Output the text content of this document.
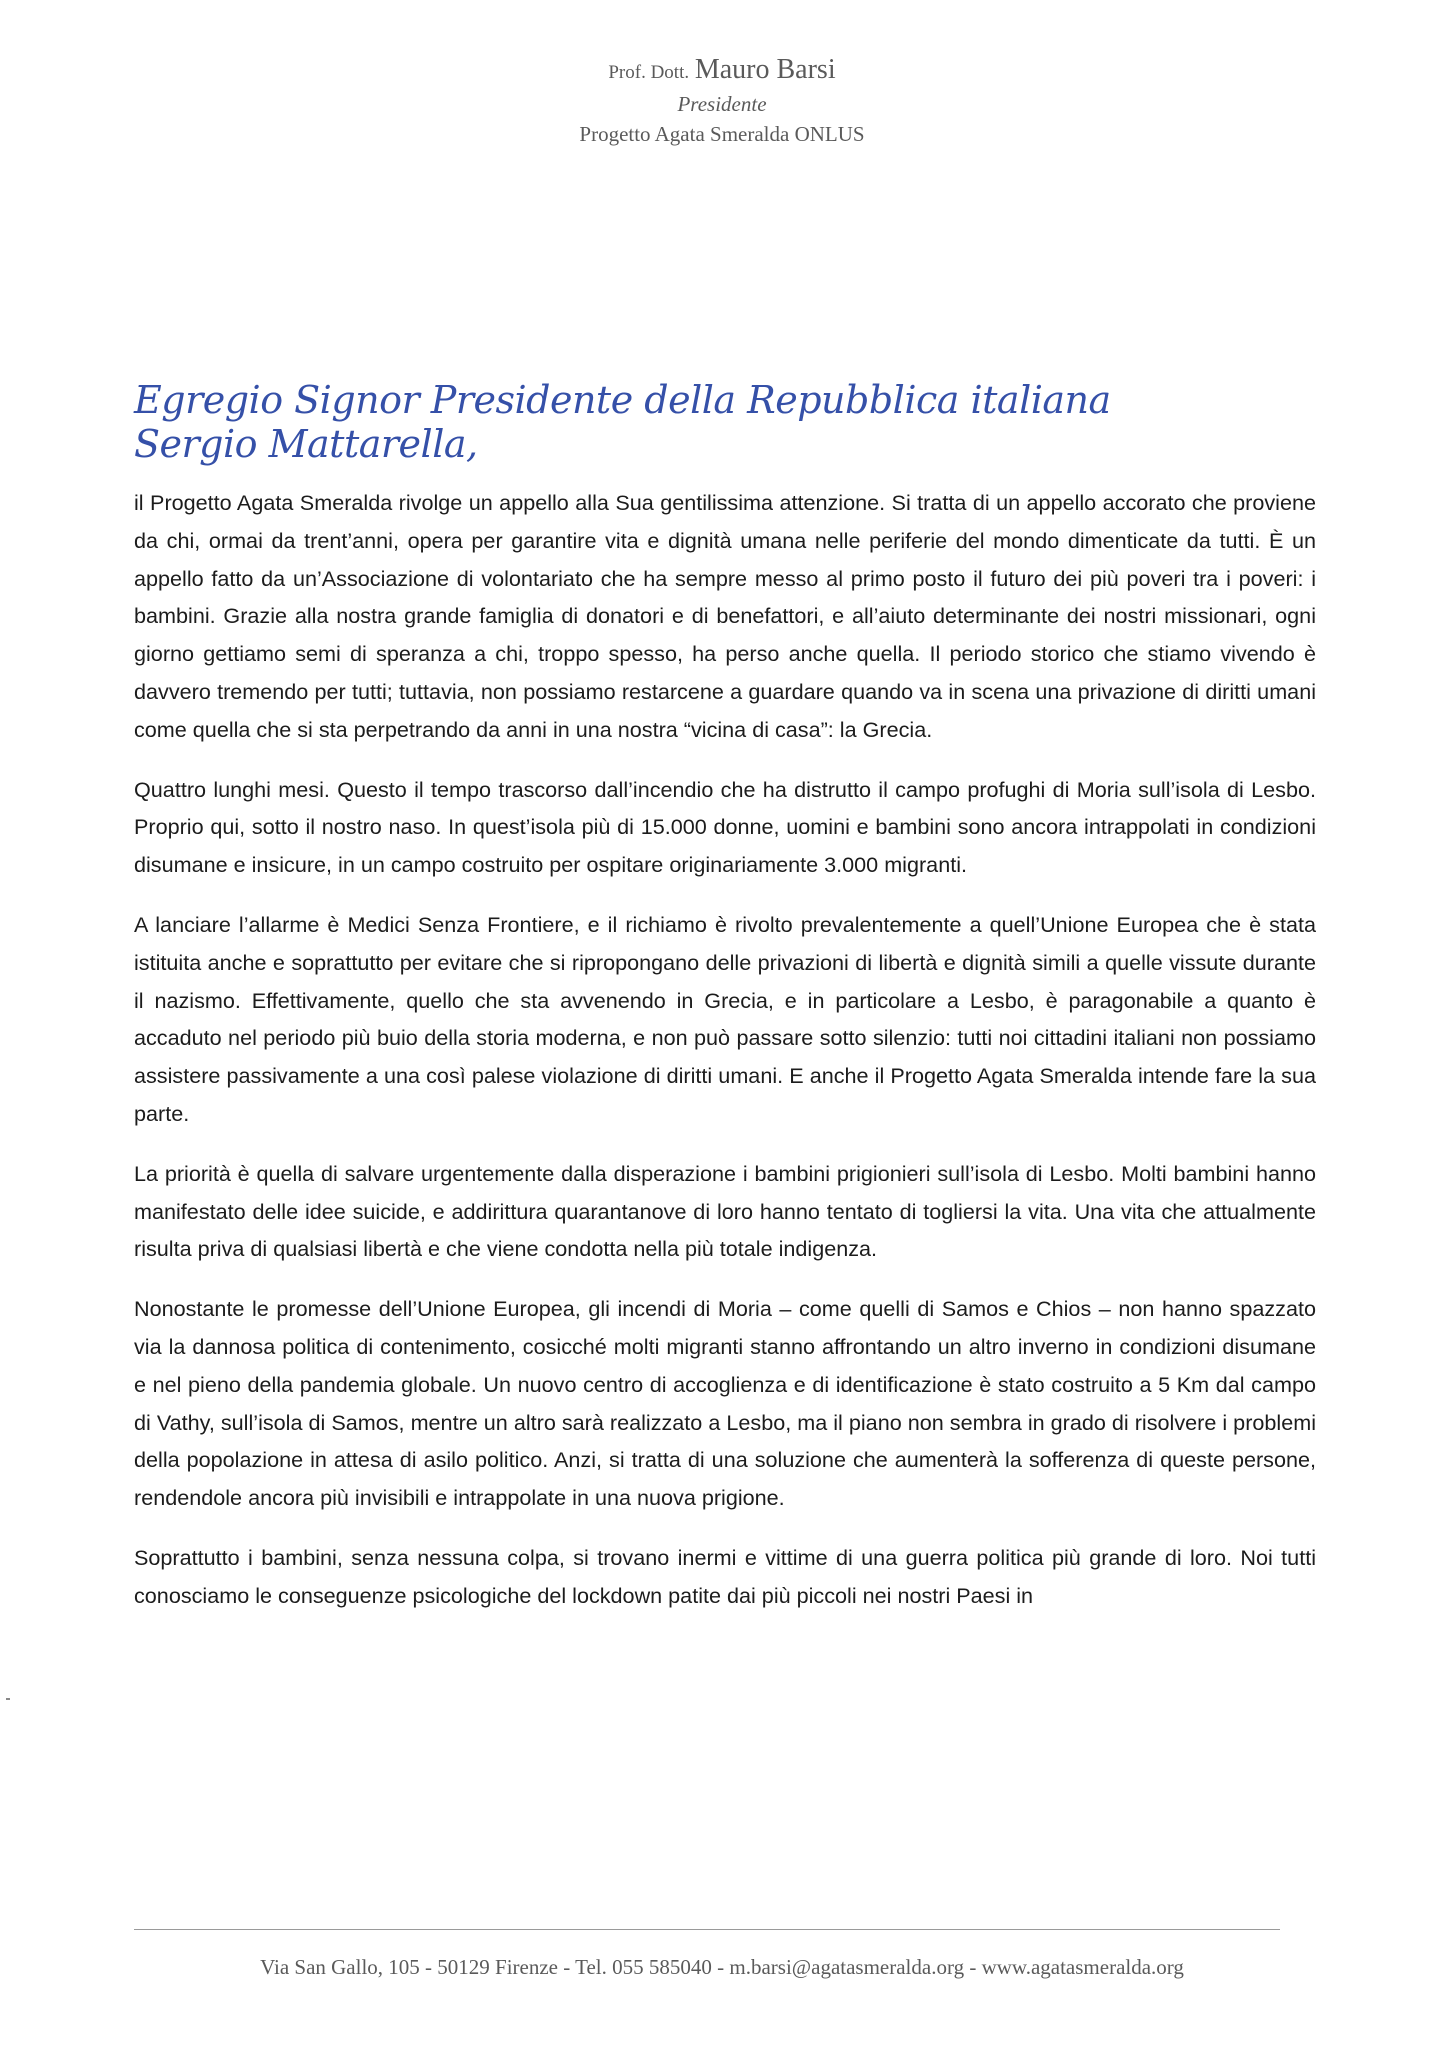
Prof. Dott. Mauro Barsi
Presidente
Progetto Agata Smeralda ONLUS
Egregio Signor Presidente della Repubblica italiana
Sergio Mattarella,

il Progetto Agata Smeralda rivolge un appello alla Sua gentilissima attenzione. Si tratta di un appello accorato che proviene da chi, ormai da trent’anni, opera per garantire vita e dignità umana nelle periferie del mondo dimenticate da tutti. È un appello fatto da un’Associazione di volontariato che ha sempre messo al primo posto il futuro dei più poveri tra i poveri: i bambini. Grazie alla nostra grande famiglia di donatori e di benefattori, e all’aiuto determinante dei nostri missionari, ogni giorno gettiamo semi di speranza a chi, troppo spesso, ha perso anche quella. Il periodo storico che stiamo vivendo è davvero tremendo per tutti; tuttavia, non possiamo restarcene a guardare quando va in scena una privazione di diritti umani come quella che si sta perpetrando da anni in una nostra “vicina di casa”: la Grecia.

Quattro lunghi mesi. Questo il tempo trascorso dall’incendio che ha distrutto il campo profughi di Moria sull’isola di Lesbo. Proprio qui, sotto il nostro naso. In quest’isola più di 15.000 donne, uomini e bambini sono ancora intrappolati in condizioni disumane e insicure, in un campo costruito per ospitare originariamente 3.000 migranti.

A lanciare l’allarme è Medici Senza Frontiere, e il richiamo è rivolto prevalentemente a quell’Unione Europea che è stata istituita anche e soprattutto per evitare che si ripropongano delle privazioni di libertà e dignità simili a quelle vissute durante il nazismo. Effettivamente, quello che sta avvenendo in Grecia, e in particolare a Lesbo, è paragonabile a quanto è accaduto nel periodo più buio della storia moderna, e non può passare sotto silenzio: tutti noi cittadini italiani non possiamo assistere passivamente a una così palese violazione di diritti umani. E anche il Progetto Agata Smeralda intende fare la sua parte.

La priorità è quella di salvare urgentemente dalla disperazione i bambini prigionieri sull’isola di Lesbo. Molti bambini hanno manifestato delle idee suicide, e addirittura quarantanove di loro hanno tentato di togliersi la vita. Una vita che attualmente risulta priva di qualsiasi libertà e che viene condotta nella più totale indigenza.

Nonostante le promesse dell’Unione Europea, gli incendi di Moria – come quelli di Samos e Chios – non hanno spazzato via la dannosa politica di contenimento, cosicché molti migranti stanno affrontando un altro inverno in condizioni disumane e nel pieno della pandemia globale. Un nuovo centro di accoglienza e di identificazione è stato costruito a 5 Km dal campo di Vathy, sull’isola di Samos, mentre un altro sarà realizzato a Lesbo, ma il piano non sembra in grado di risolvere i problemi della popolazione in attesa di asilo politico. Anzi, si tratta di una soluzione che aumenterà la sofferenza di queste persone, rendendole ancora più invisibili e intrappolate in una nuova prigione.

Soprattutto i bambini, senza nessuna colpa, si trovano inermi e vittime di una guerra politica più grande di loro. Noi tutti conosciamo le conseguenze psicologiche del lockdown patite dai più piccoli nei nostri Paesi in

Via San Gallo, 105 - 50129 Firenze - Tel. 055 585040 - m.barsi@agatasmeralda.org - www.agatasmeralda.org
